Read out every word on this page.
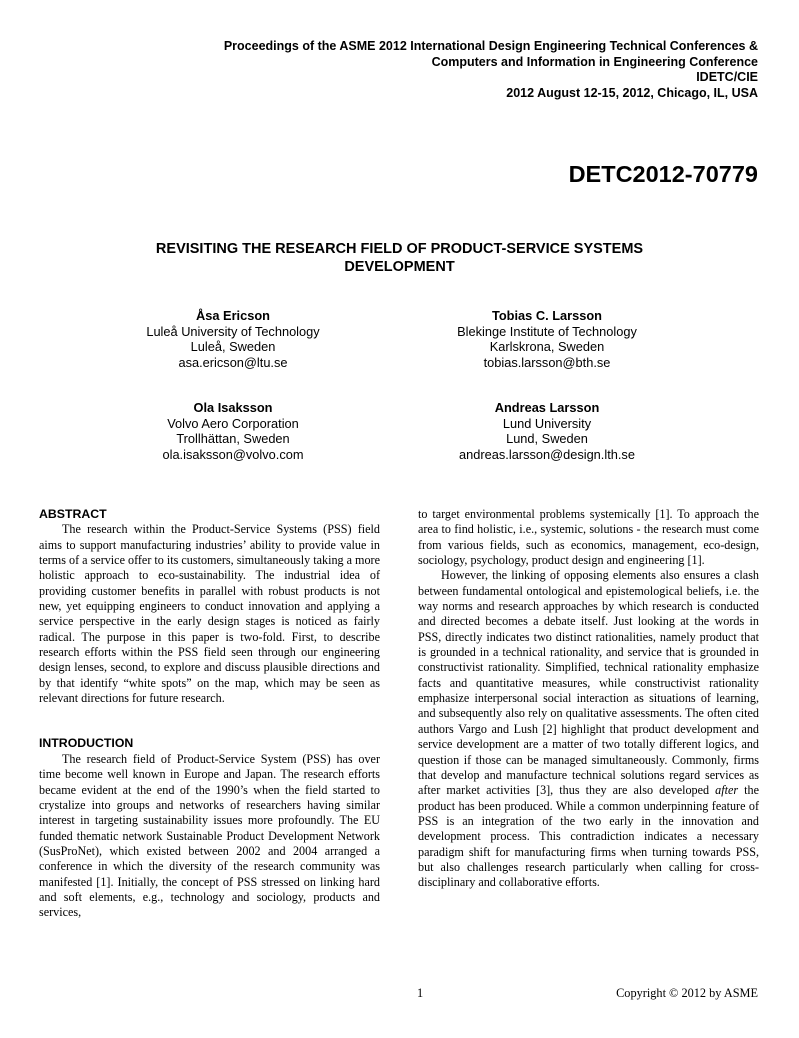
Proceedings of the ASME 2012 International Design Engineering Technical Conferences &
Computers and Information in Engineering Conference
IDETC/CIE
2012 August 12-15, 2012, Chicago, IL, USA
DETC2012-70779
REVISITING THE RESEARCH FIELD OF PRODUCT-SERVICE SYSTEMS
DEVELOPMENT
Åsa Ericson
Luleå University of Technology
Luleå, Sweden
asa.ericson@ltu.se
Tobias C. Larsson
Blekinge Institute of Technology
Karlskrona, Sweden
tobias.larsson@bth.se
Ola Isaksson
Volvo Aero Corporation
Trollhättan, Sweden
ola.isaksson@volvo.com
Andreas Larsson
Lund University
Lund, Sweden
andreas.larsson@design.lth.se
ABSTRACT

The research within the Product-Service Systems (PSS) field aims to support manufacturing industries’ ability to provide value in terms of a service offer to its customers, simultaneously taking a more holistic approach to eco-sustainability. The industrial idea of providing customer benefits in parallel with robust products is not new, yet equipping engineers to conduct innovation and applying a service perspective in the early design stages is noticed as fairly radical. The purpose in this paper is two-fold. First, to describe research efforts within the PSS field seen through our engineering design lenses, second, to explore and discuss plausible directions and by that identify “white spots” on the map, which may be seen as relevant directions for future research.

INTRODUCTION

The research field of Product-Service System (PSS) has over time become well known in Europe and Japan. The research efforts became evident at the end of the 1990’s when the field started to crystalize into groups and networks of researchers having similar interest in targeting sustainability issues more profoundly. The EU funded thematic network Sustainable Product Development Network (SusProNet), which existed between 2002 and 2004 arranged a conference in which the diversity of the research community was manifested [1]. Initially, the concept of PSS stressed on linking hard and soft elements, e.g., technology and sociology, products and services,

to target environmental problems systemically [1]. To approach the area to find holistic, i.e., systemic, solutions - the research must come from various fields, such as economics, management, eco-design, sociology, psychology, product design and engineering [1].

However, the linking of opposing elements also ensures a clash between fundamental ontological and epistemological beliefs, i.e. the way norms and research approaches by which research is conducted and directed becomes a debate itself. Just looking at the words in PSS, directly indicates two distinct rationalities, namely product that is grounded in a technical rationality, and service that is grounded in constructivist rationality. Simplified, technical rationality emphasize facts and quantitative measures, while constructivist rationality emphasize interpersonal social interaction as situations of learning, and subsequently also rely on qualitative assessments. The often cited authors Vargo and Lush [2] highlight that product development and service development are a matter of two totally different logics, and question if those can be managed simultaneously. Commonly, firms that develop and manufacture technical solutions regard services as after market activities [3], thus they are also developed after the product has been produced. While a common underpinning feature of PSS is an integration of the two early in the innovation and development process. This contradiction indicates a necessary paradigm shift for manufacturing firms when turning towards PSS, but also challenges research particularly when calling for cross-disciplinary and collaborative efforts.

1	Copyright © 2012 by ASME
